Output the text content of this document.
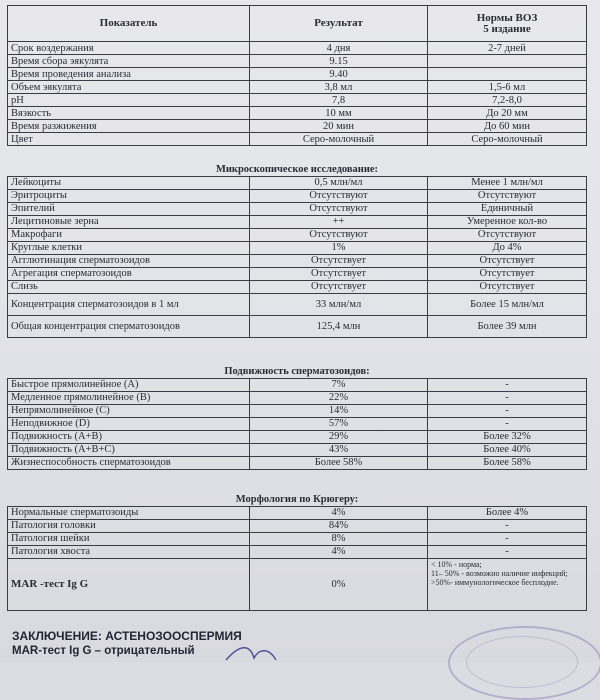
Показатель	Результат	Нормы ВОЗ
5 издание

Срок воздержания	4 дня	2-7 дней
Время сбора эякулята	9.15	
Время проведения анализа	9.40	
Объем эякулята	3,8 мл	1,5-6 мл
pH	7,8	7,2-8,0
Вязкость	10 мм	До 20 мм
Время разжижения	20 мин	До 60 мин
Цвет	Серо-молочный	Серо-молочный
Микроскопическое исследование:		
Лейкоциты	0,5 млн/мл	Менее 1 млн/мл
Эритроциты	Отсутствуют	Отсутствуют
Эпителий	Отсутствуют	Единичный
Лецитиновые зерна	++	Умеренное кол-во
Макрофаги	Отсутствуют	Отсутствуют
Круглые клетки	1%	До 4%
Агглютинация сперматозоидов	Отсутствует	Отсутствует
Агрегация сперматозоидов	Отсутствует	Отсутствует
Слизь	Отсутствует	Отсутствует
Концентрация сперматозоидов в 1 мл	33 млн/мл	Более 15 млн/мл
Общая концентрация сперматозоидов	125,4 млн	Более 39 млн
Подвижность сперматозоидов:		
Быстрое прямолинейное (A)	7%	-
Медленное прямолинейное (B)	22%	-
Непрямолинейное (C)	14%	-
Неподвижное (D)	57%	-
Подвижность (A+B)	29%	Более 32%
Подвижность (A+B+C)	43%	Более 40%
Жизнеспособность сперматозоидов	Более 58%	Более 58%
Морфология по Крюгеру:		
Нормальные сперматозоиды	4%	Более 4%
Патология головки	84%	-
Патология шейки	8%	-
Патология хвоста	4%	-
MAR -тест Ig G	0%	< 10% - норма;
11– 50% - возможно наличие инфекций;
>50%- иммунологическое бесплодие.
ЗАКЛЮЧЕНИЕ: АСТЕНОЗООСПЕРМИЯ
MAR-тест Ig G – отрицательный
